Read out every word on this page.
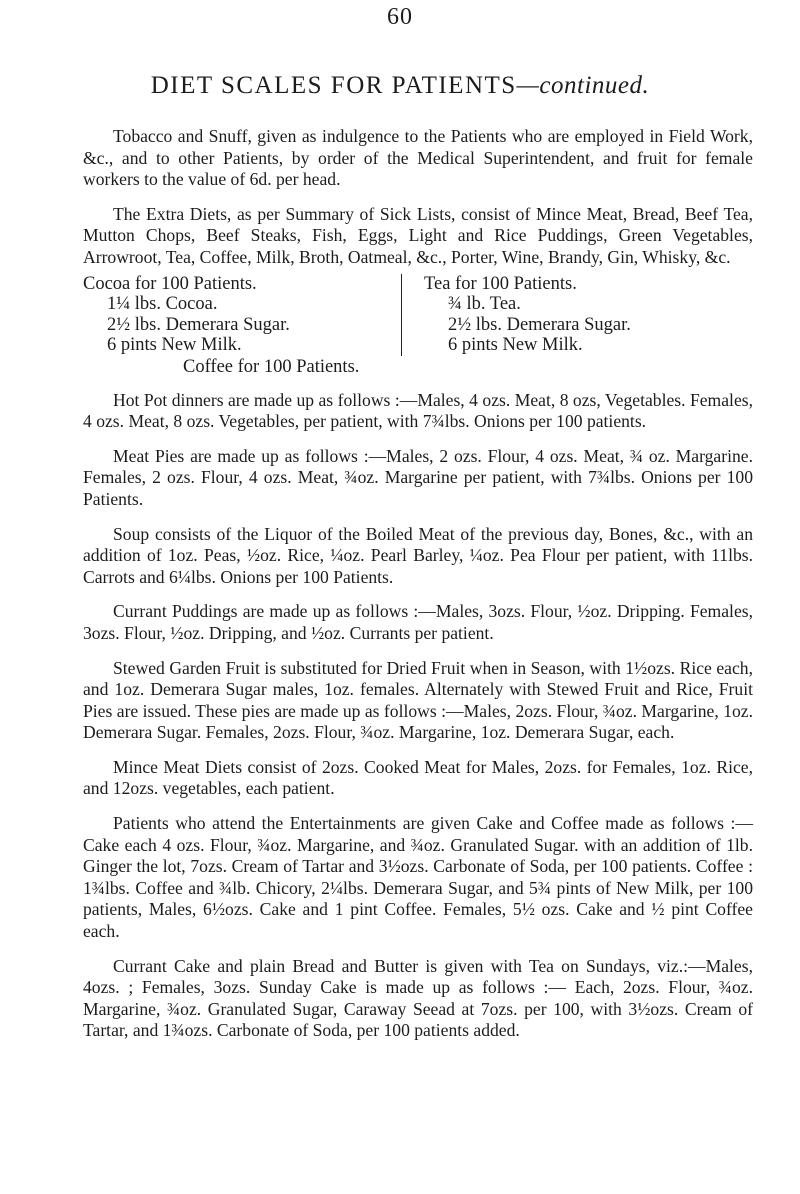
60
DIET SCALES FOR PATIENTS—continued.

Tobacco and Snuff, given as indulgence to the Patients who are employed in Field Work, &c., and to other Patients, by order of the Medical Superintendent, and fruit for female workers to the value of 6d. per head.

The Extra Diets, as per Summary of Sick Lists, consist of Mince Meat, Bread, Beef Tea, Mutton Chops, Beef Steaks, Fish, Eggs, Light and Rice Puddings, Green Vegetables, Arrowroot, Tea, Coffee, Milk, Broth, Oatmeal, &c., Porter, Wine, Brandy, Gin, Whisky, &c.

Cocoa for 100 Patients.
1¼ lbs. Cocoa.
2½ lbs. Demerara Sugar.
6 pints New Milk.
Tea for 100 Patients.
¾ lb. Tea.
2½ lbs. Demerara Sugar.
6 pints New Milk.
Coffee for 100 Patients.

Hot Pot dinners are made up as follows :—Males, 4 ozs. Meat, 8 ozs, Vegetables. Females, 4 ozs. Meat, 8 ozs. Vegetables, per patient, with 7¾lbs. Onions per 100 patients.

Meat Pies are made up as follows :—Males, 2 ozs. Flour, 4 ozs. Meat, ¾ oz. Margarine. Females, 2 ozs. Flour, 4 ozs. Meat, ¾oz. Margarine per patient, with 7¾lbs. Onions per 100 Patients.

Soup consists of the Liquor of the Boiled Meat of the previous day, Bones, &c., with an addition of 1oz. Peas, ½oz. Rice, ¼oz. Pearl Barley, ¼oz. Pea Flour per patient, with 11lbs. Carrots and 6¼lbs. Onions per 100 Patients.

Currant Puddings are made up as follows :—Males, 3ozs. Flour, ½oz. Dripping. Females, 3ozs. Flour, ½oz. Dripping, and ½oz. Currants per patient.

Stewed Garden Fruit is substituted for Dried Fruit when in Season, with 1½ozs. Rice each, and 1oz. Demerara Sugar males, 1oz. females. Alternately with Stewed Fruit and Rice, Fruit Pies are issued. These pies are made up as follows :—Males, 2ozs. Flour, ¾oz. Margarine, 1oz. Demerara Sugar. Females, 2ozs. Flour, ¾oz. Margarine, 1oz. Demerara Sugar, each.

Mince Meat Diets consist of 2ozs. Cooked Meat for Males, 2ozs. for Females, 1oz. Rice, and 12ozs. vegetables, each patient.

Patients who attend the Entertainments are given Cake and Coffee made as follows :—Cake each 4 ozs. Flour, ¾oz. Margarine, and ¾oz. Granulated Sugar. with an addition of 1lb. Ginger the lot, 7ozs. Cream of Tartar and 3½ozs. Carbonate of Soda, per 100 patients. Coffee : 1¾lbs. Coffee and ¾lb. Chicory, 2¼lbs. Demerara Sugar, and 5¾ pints of New Milk, per 100 patients, Males, 6½ozs. Cake and 1 pint Coffee. Females, 5½ ozs. Cake and ½ pint Coffee each.

Currant Cake and plain Bread and Butter is given with Tea on Sundays, viz.:—Males, 4ozs. ; Females, 3ozs. Sunday Cake is made up as follows :— Each, 2ozs. Flour, ¾oz. Margarine, ¾oz. Granulated Sugar, Caraway Seead at 7ozs. per 100, with 3½ozs. Cream of Tartar, and 1¾ozs. Carbonate of Soda, per 100 patients added.
